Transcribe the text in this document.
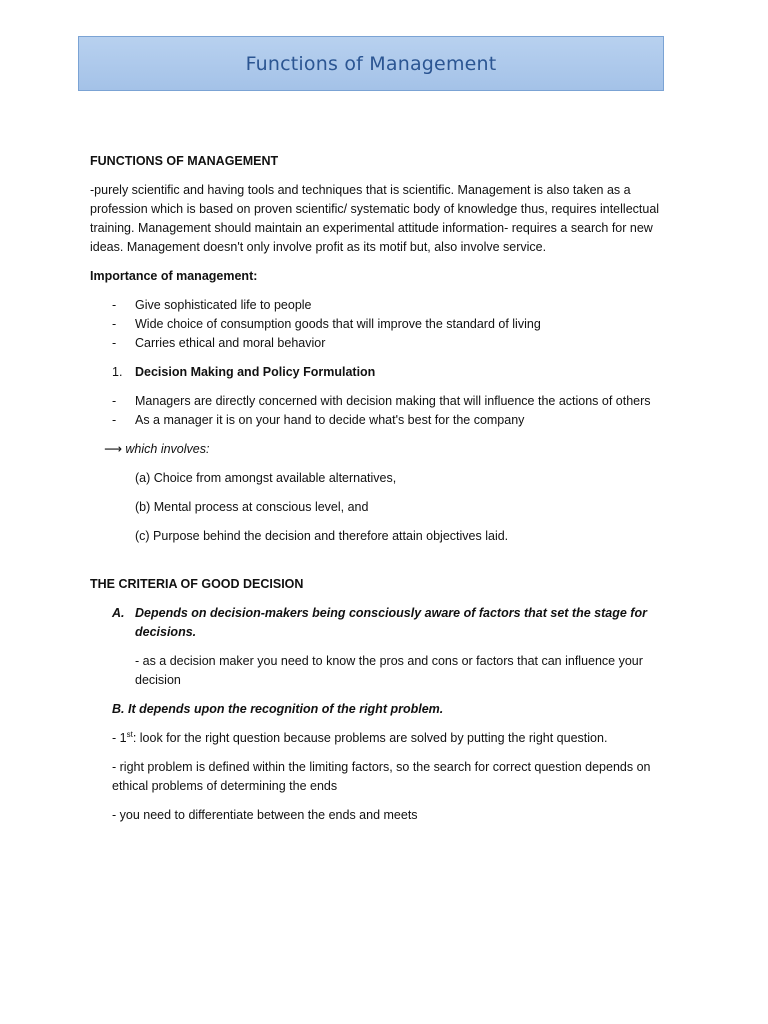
Functions of Management

FUNCTIONS OF MANAGEMENT

-purely scientific and having tools and techniques that is scientific. Management is also taken as a profession which is based on proven scientific/ systematic body of knowledge thus, requires intellectual training. Management should maintain an experimental attitude information- requires a search for new ideas. Management doesn't only involve profit as its motif but, also involve service.

Importance of management:

- Give sophisticated life to people
- Wide choice of consumption goods that will improve the standard of living
- Carries ethical and moral behavior

1. Decision Making and Policy Formulation

- Managers are directly concerned with decision making that will influence the actions of others
- As a manager it is on your hand to decide what's best for the company

⟶ which involves:

(a) Choice from amongst available alternatives,

(b) Mental process at conscious level, and

(c) Purpose behind the decision and therefore attain objectives laid.

THE CRITERIA OF GOOD DECISION

A. Depends on decision-makers being consciously aware of factors that set the stage for decisions.

- as a decision maker you need to know the pros and cons or factors that can influence your decision

B. It depends upon the recognition of the right problem.

- 1st: look for the right question because problems are solved by putting the right question.

- right problem is defined within the limiting factors, so the search for correct question depends on ethical problems of determining the ends

- you need to differentiate between the ends and meets
